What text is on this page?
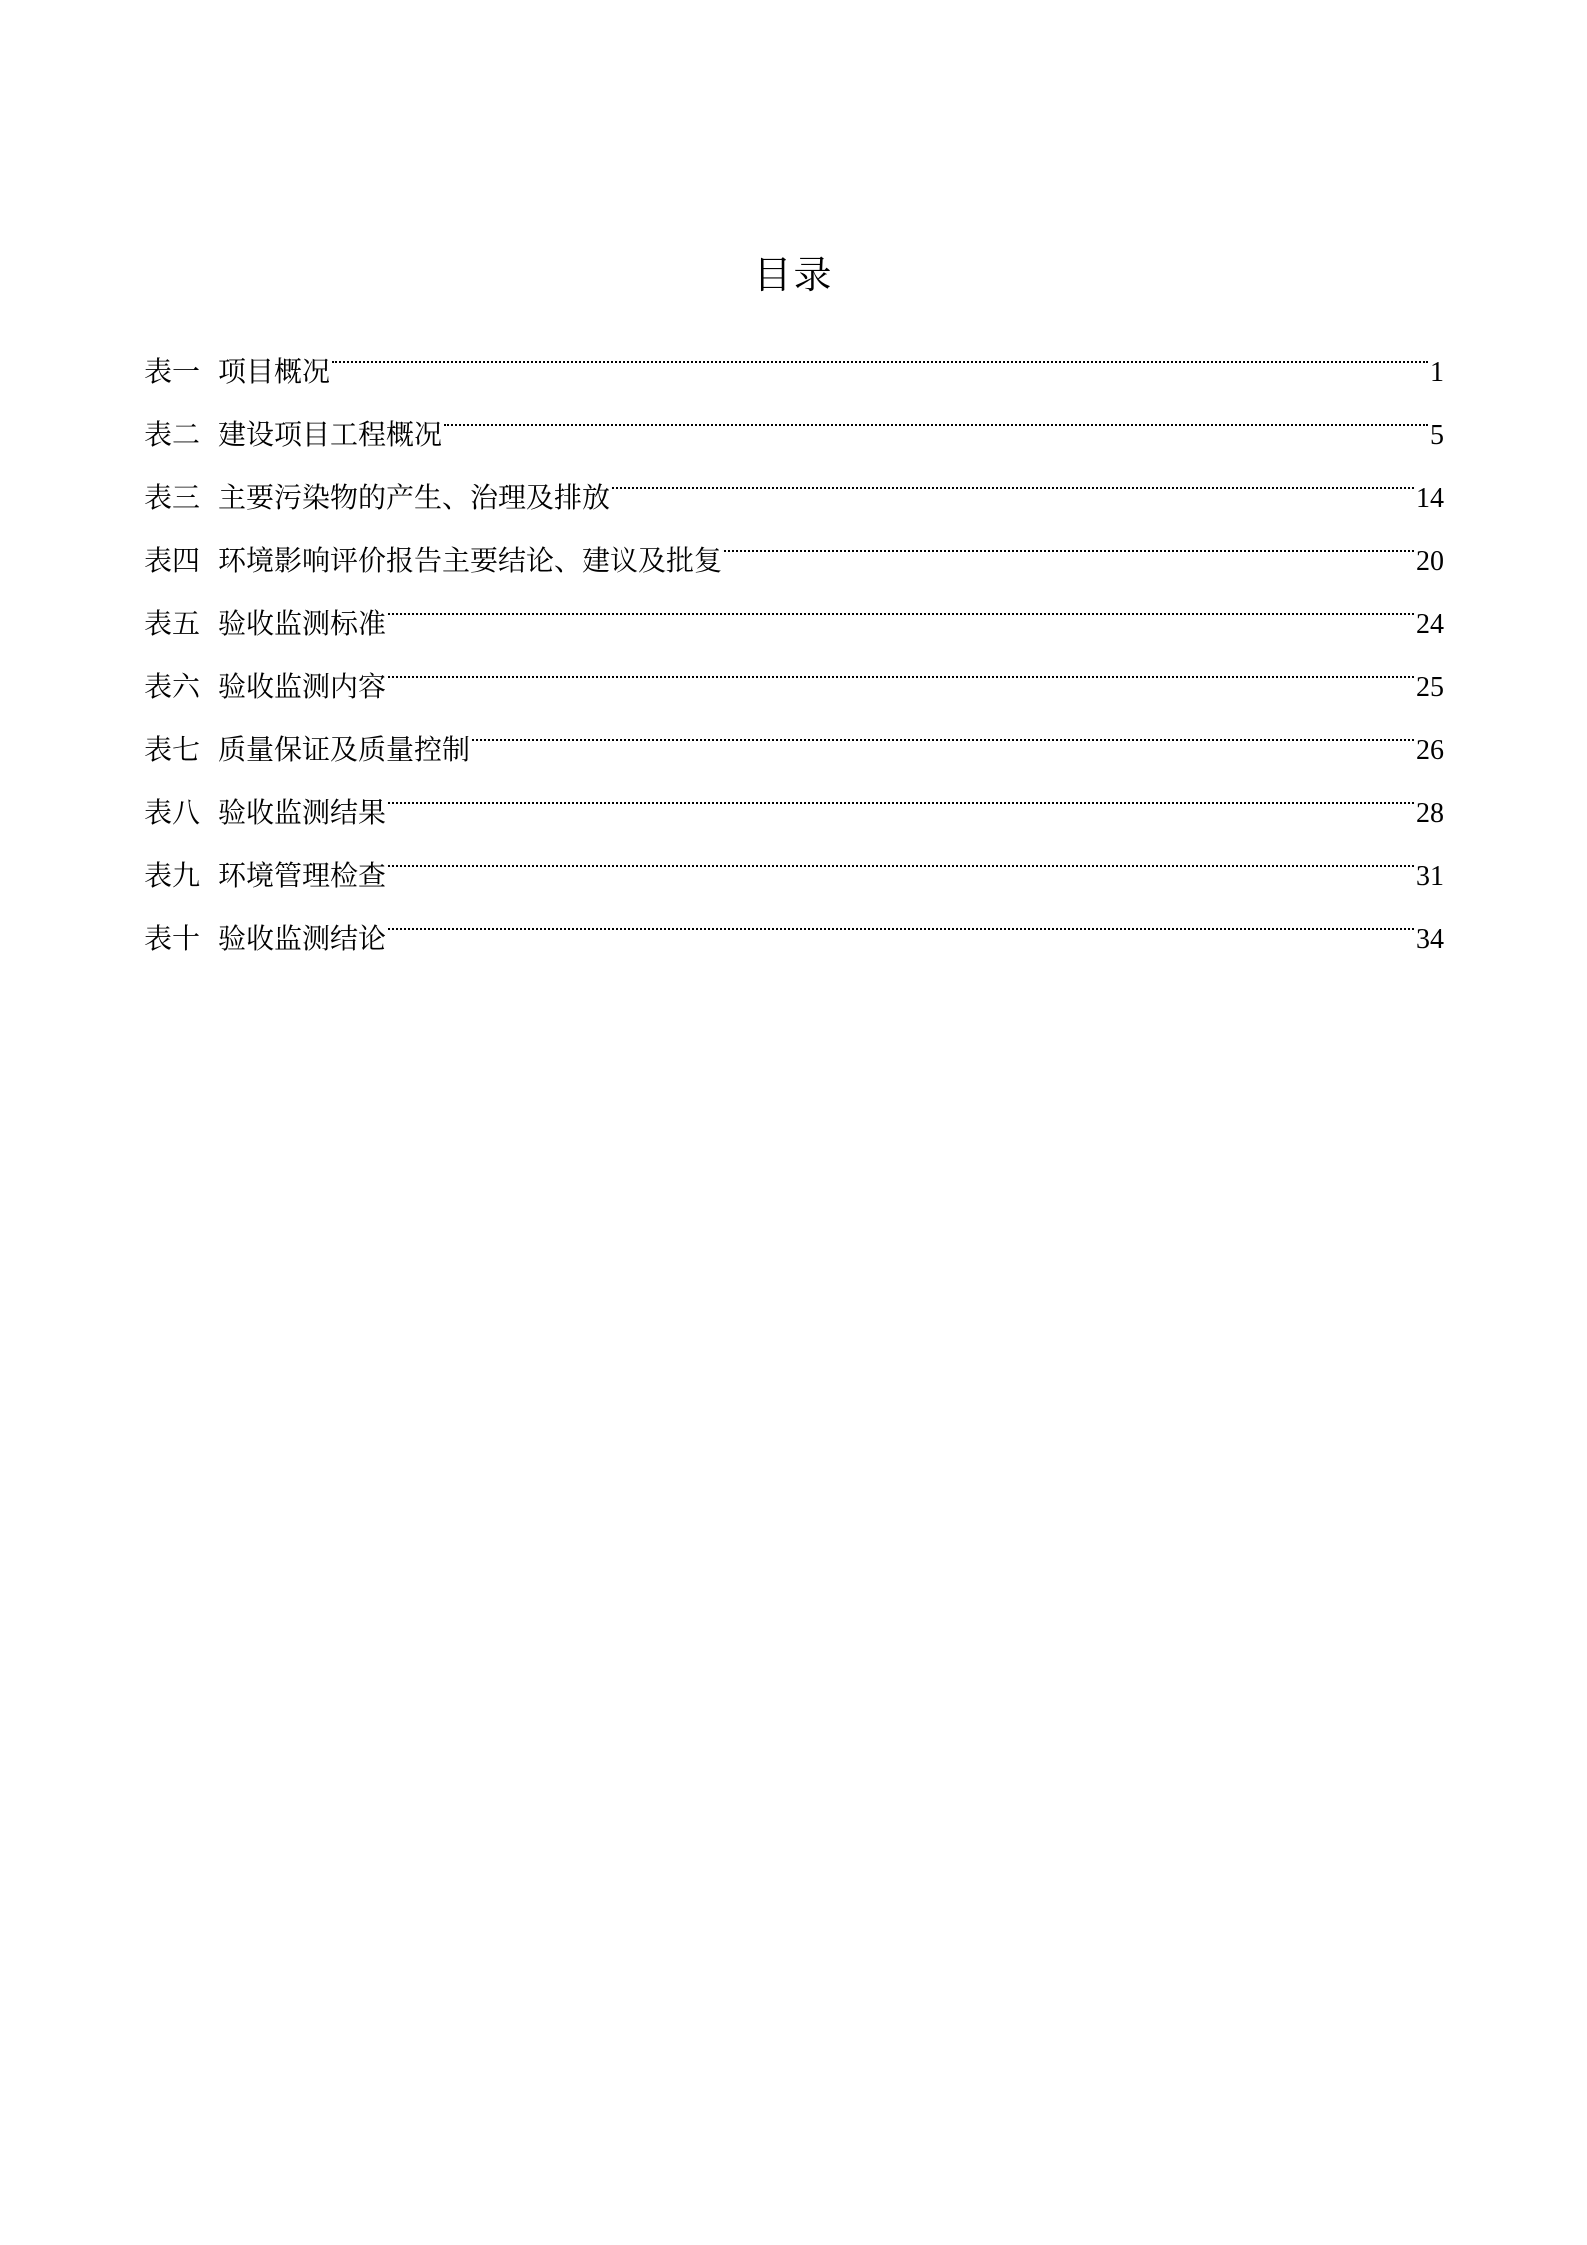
目录
表一 项目概况	1
表二 建设项目工程概况	5
表三 主要污染物的产生、治理及排放	14
表四 环境影响评价报告主要结论、建议及批复	20
表五 验收监测标准	24
表六 验收监测内容	25
表七 质量保证及质量控制	26
表八 验收监测结果	28
表九 环境管理检查	31
表十 验收监测结论	34
